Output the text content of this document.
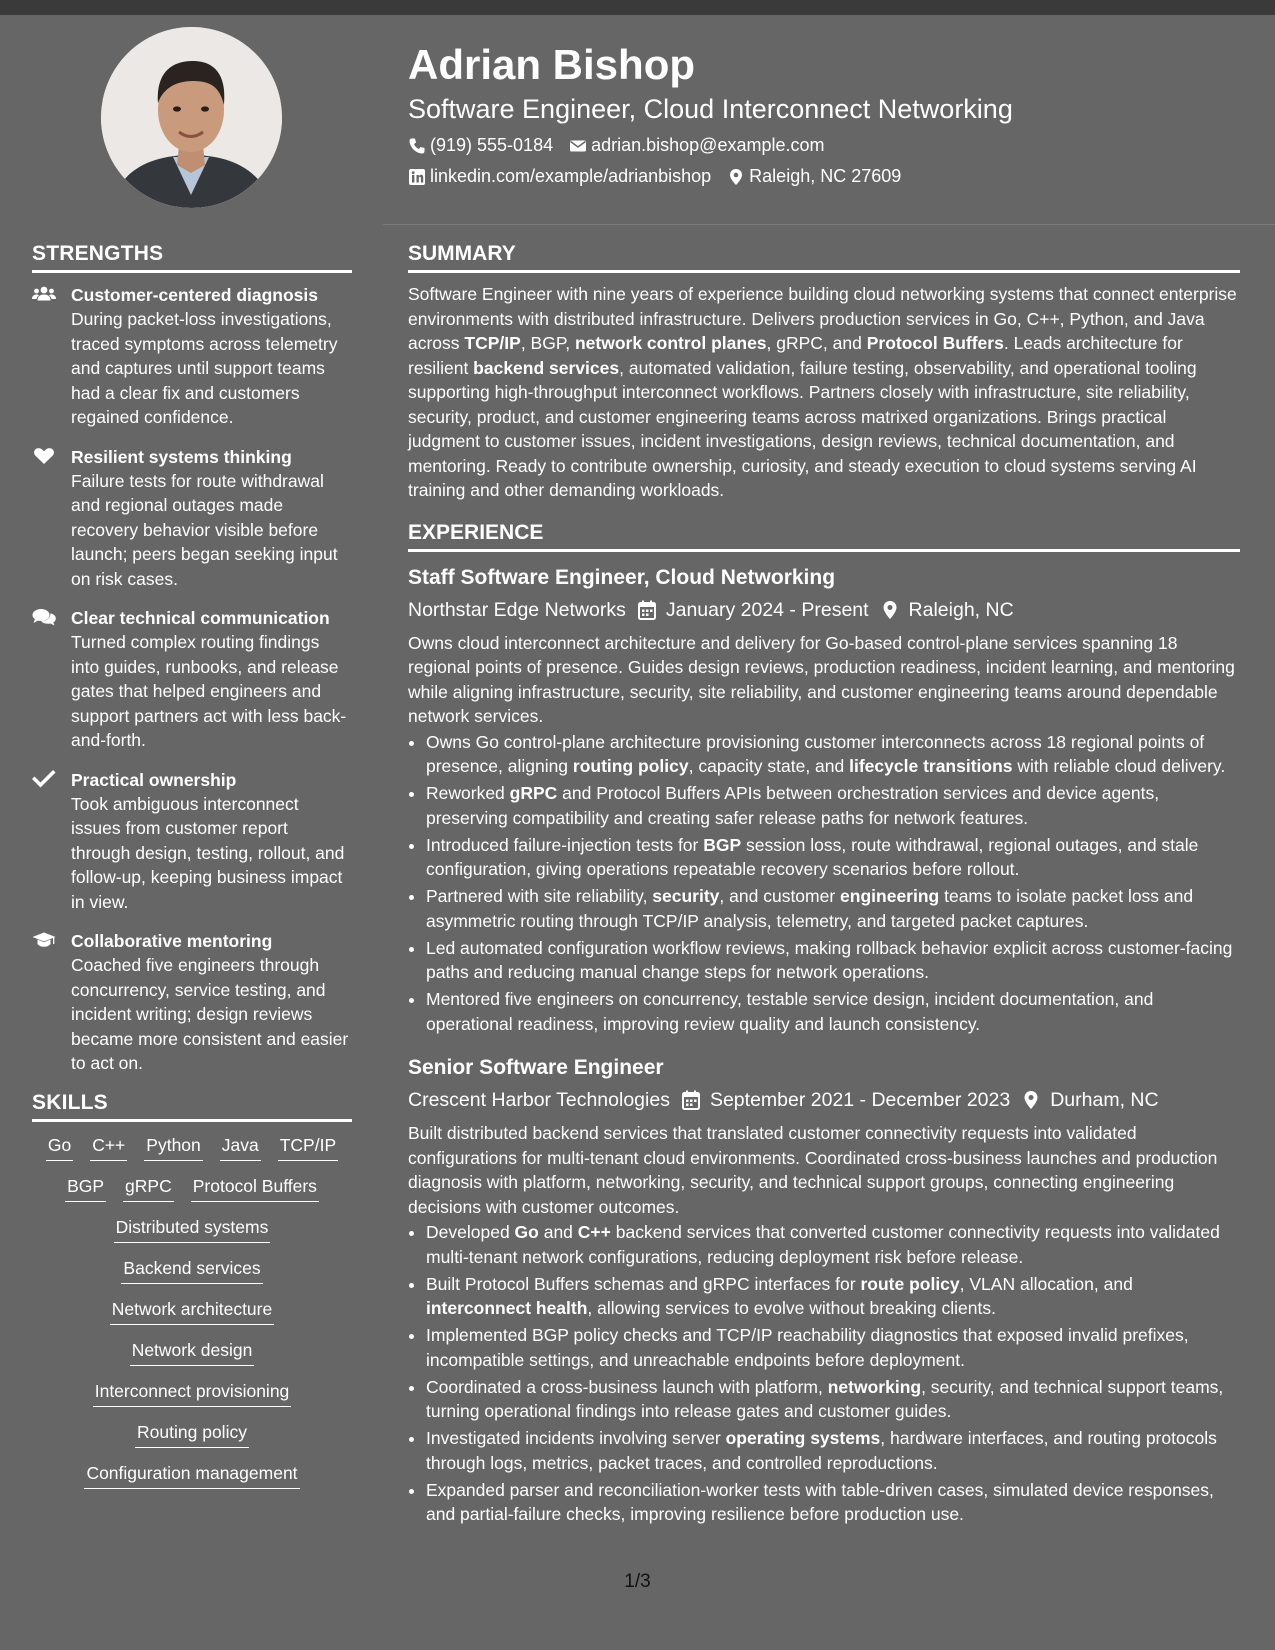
Adrian Bishop
Software Engineer, Cloud Interconnect Networking
(919) 555-0184 adrian.bishop@example.com
linkedin.com/example/adrianbishop Raleigh, NC 27609
STRENGTHS
Customer-centered diagnosis
During packet-loss investigations, traced symptoms across telemetry and captures until support teams had a clear fix and customers regained confidence.
Resilient systems thinking
Failure tests for route withdrawal and regional outages made recovery behavior visible before launch; peers began seeking input on risk cases.
Clear technical communication
Turned complex routing findings into guides, runbooks, and release gates that helped engineers and support partners act with less back-and-forth.
Practical ownership
Took ambiguous interconnect issues from customer report through design, testing, rollout, and follow-up, keeping business impact in view.
Collaborative mentoring
Coached five engineers through concurrency, service testing, and incident writing; design reviews became more consistent and easier to act on.
SKILLS
Go C++ Python Java TCP/IP
BGP gRPC Protocol Buffers
Distributed systems
Backend services
Network architecture
Network design
Interconnect provisioning
Routing policy
Configuration management
SUMMARY

Software Engineer with nine years of experience building cloud networking systems that connect enterprise environments with distributed infrastructure. Delivers production services in Go, C++, Python, and Java across TCP/IP, BGP, network control planes, gRPC, and Protocol Buffers. Leads architecture for resilient backend services, automated validation, failure testing, observability, and operational tooling supporting high-throughput interconnect workflows. Partners closely with infrastructure, site reliability, security, product, and customer engineering teams across matrixed organizations. Brings practical judgment to customer issues, incident investigations, design reviews, technical documentation, and mentoring. Ready to contribute ownership, curiosity, and steady execution to cloud systems serving AI training and other demanding workloads.

EXPERIENCE
Staff Software Engineer, Cloud Networking
Northstar Edge Networks January 2024 - Present Raleigh, NC

Owns cloud interconnect architecture and delivery for Go-based control-plane services spanning 18 regional points of presence. Guides design reviews, production readiness, incident learning, and mentoring while aligning infrastructure, security, site reliability, and customer engineering teams around dependable network services.

• Owns Go control-plane architecture provisioning customer interconnects across 18 regional points of presence, aligning routing policy, capacity state, and lifecycle transitions with reliable cloud delivery.
• Reworked gRPC and Protocol Buffers APIs between orchestration services and device agents, preserving compatibility and creating safer release paths for network features.
• Introduced failure-injection tests for BGP session loss, route withdrawal, regional outages, and stale configuration, giving operations repeatable recovery scenarios before rollout.
• Partnered with site reliability, security, and customer engineering teams to isolate packet loss and asymmetric routing through TCP/IP analysis, telemetry, and targeted packet captures.
• Led automated configuration workflow reviews, making rollback behavior explicit across customer-facing paths and reducing manual change steps for network operations.
• Mentored five engineers on concurrency, testable service design, incident documentation, and operational readiness, improving review quality and launch consistency.
Senior Software Engineer
Crescent Harbor Technologies September 2021 - December 2023 Durham, NC

Built distributed backend services that translated customer connectivity requests into validated configurations for multi-tenant cloud environments. Coordinated cross-business launches and production diagnosis with platform, networking, security, and technical support groups, connecting engineering decisions with customer outcomes.

• Developed Go and C++ backend services that converted customer connectivity requests into validated multi-tenant network configurations, reducing deployment risk before release.
• Built Protocol Buffers schemas and gRPC interfaces for route policy, VLAN allocation, and interconnect health, allowing services to evolve without breaking clients.
• Implemented BGP policy checks and TCP/IP reachability diagnostics that exposed invalid prefixes, incompatible settings, and unreachable endpoints before deployment.
• Coordinated a cross-business launch with platform, networking, security, and technical support teams, turning operational findings into release gates and customer guides.
• Investigated incidents involving server operating systems, hardware interfaces, and routing protocols through logs, metrics, packet traces, and controlled reproductions.
• Expanded parser and reconciliation-worker tests with table-driven cases, simulated device responses, and partial-failure checks, improving resilience before production use.
1/3
